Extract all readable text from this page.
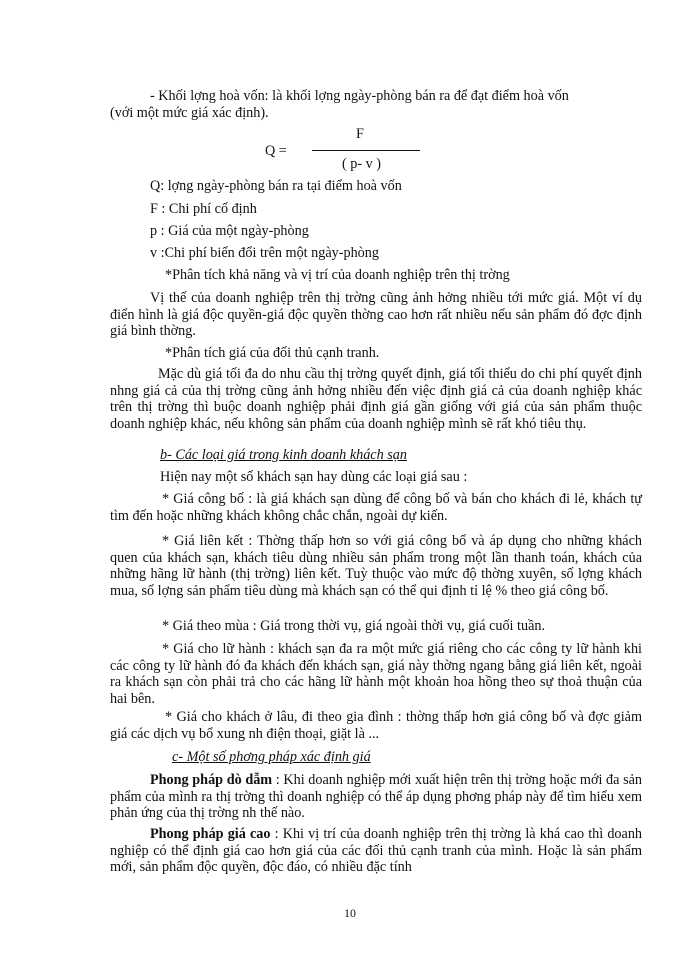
- Khối lợng hoà vốn: là khối lợng ngày-phòng bán ra để đạt điểm hoà vốn
(với một mức giá xác định).
Q =
F
( p- v )
Q: lợng ngày-phòng bán ra tại điểm hoà vốn
F : Chi phí cố định
p : Giá của một ngày-phòng
v :Chi phí biến đổi trên một ngày-phòng
*Phân tích khả năng và vị trí của doanh nghiệp trên thị trờng

Vị thế của doanh nghiệp trên thị trờng cũng ảnh hởng nhiều tới mức giá. Một ví dụ điển hình là giá độc quyền-giá độc quyền thờng cao hơn rất nhiều nếu sản phẩm đó đợc định giá bình thờng.

*Phân tích giá của đối thủ cạnh tranh.

Mặc dù giá tối đa do nhu cầu thị trờng quyết định, giá tối thiểu do chi phí quyết định nhng giá cả của thị trờng cũng ảnh hởng nhiều đến việc định giá cả của doanh nghiệp khác trên thị trờng thì buộc doanh nghiệp phải định giá gần giống với giá của sản phẩm thuộc doanh nghiệp khác, nếu không sản phẩm của doanh nghiệp mình sẽ rất khó tiêu thụ.

b- Các loại giá trong kinh doanh khách sạn
Hiện nay một số khách sạn hay dùng các loại giá sau :

* Giá công bố : là giá khách sạn dùng để công bố và bán cho khách đi lẻ, khách tự tìm đến hoặc những khách không chắc chắn, ngoài dự kiến.

* Giá liên kết : Thờng thấp hơn so với giá công bố và áp dụng cho những khách quen của khách sạn, khách tiêu dùng nhiều sản phẩm trong một lần thanh toán, khách của những hãng lữ hành (thị trờng) liên kết. Tuỳ thuộc vào mức độ thờng xuyên, số lợng khách mua, số lợng sản phẩm tiêu dùng mà khách sạn có thể qui định tỉ lệ % theo giá công bố.

* Giá theo mùa : Giá trong thời vụ, giá ngoài thời vụ, giá cuối tuần.

* Giá cho lữ hành : khách sạn đa ra một mức giá riêng cho các công ty lữ hành khi các công ty lữ hành đó đa khách đến khách sạn, giá này thờng ngang bằng giá liên kết, ngoài ra khách sạn còn phải trả cho các hãng lữ hành một khoản hoa hồng theo sự thoả thuận của hai bên.

* Giá cho khách ở lâu, đi theo gia đình : thờng thấp hơn giá công bố và đợc giảm giá các dịch vụ bổ xung nh điện thoại, giặt là ...

c- Một số phơng pháp xác định giá

Phong pháp dò dẫm : Khi doanh nghiệp mới xuất hiện trên thị trờng hoặc mới đa sản phẩm của mình ra thị trờng thì doanh nghiệp có thể áp dụng phơng pháp này để tìm hiểu xem phản ứng của thị trờng nh thế nào.

Phong pháp giá cao : Khi vị trí của doanh nghiệp trên thị trờng là khá cao thì doanh nghiệp có thể định giá cao hơn giá của các đối thủ cạnh tranh của mình. Hoặc là sản phẩm mới, sản phẩm độc quyền, độc đáo, có nhiều đặc tính

10
